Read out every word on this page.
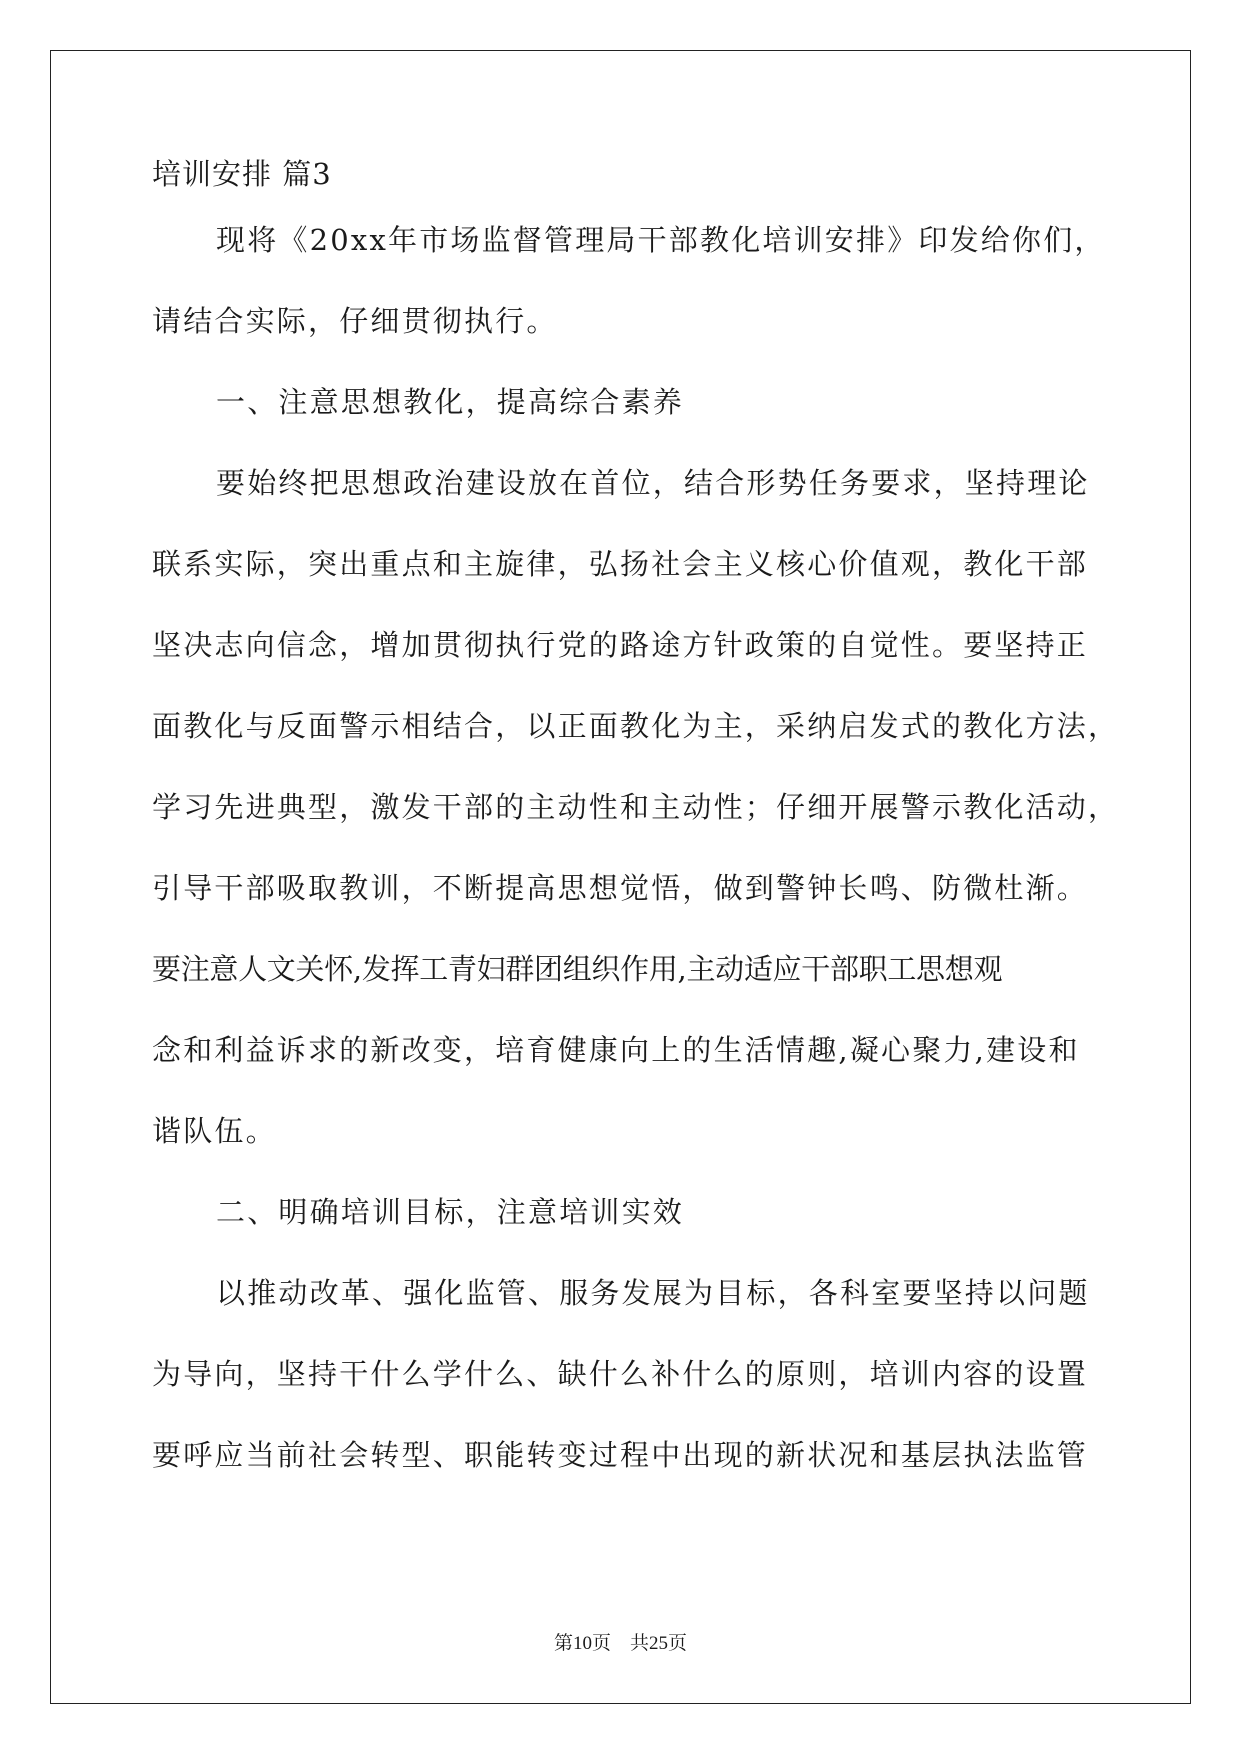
培训安排 篇3
现将《20xx年市场监督管理局干部教化培训安排》印发给你们，
请结合实际，仔细贯彻执行。
一、注意思想教化，提高综合素养
要始终把思想政治建设放在首位，结合形势任务要求，坚持理论
联系实际，突出重点和主旋律，弘扬社会主义核心价值观，教化干部
坚决志向信念，增加贯彻执行党的路途方针政策的自觉性。要坚持正
面教化与反面警示相结合，以正面教化为主，采纳启发式的教化方法，
学习先进典型，激发干部的主动性和主动性；仔细开展警示教化活动，
引导干部吸取教训，不断提高思想觉悟，做到警钟长鸣、防微杜渐。
要注意人文关怀,发挥工青妇群团组织作用,主动适应干部职工思想观
念和利益诉求的新改变，培育健康向上的生活情趣,凝心聚力,建设和
谐队伍。
二、明确培训目标，注意培训实效
以推动改革、强化监管、服务发展为目标，各科室要坚持以问题
为导向，坚持干什么学什么、缺什么补什么的原则，培训内容的设置
要呼应当前社会转型、职能转变过程中出现的新状况和基层执法监管
第10页　共25页
